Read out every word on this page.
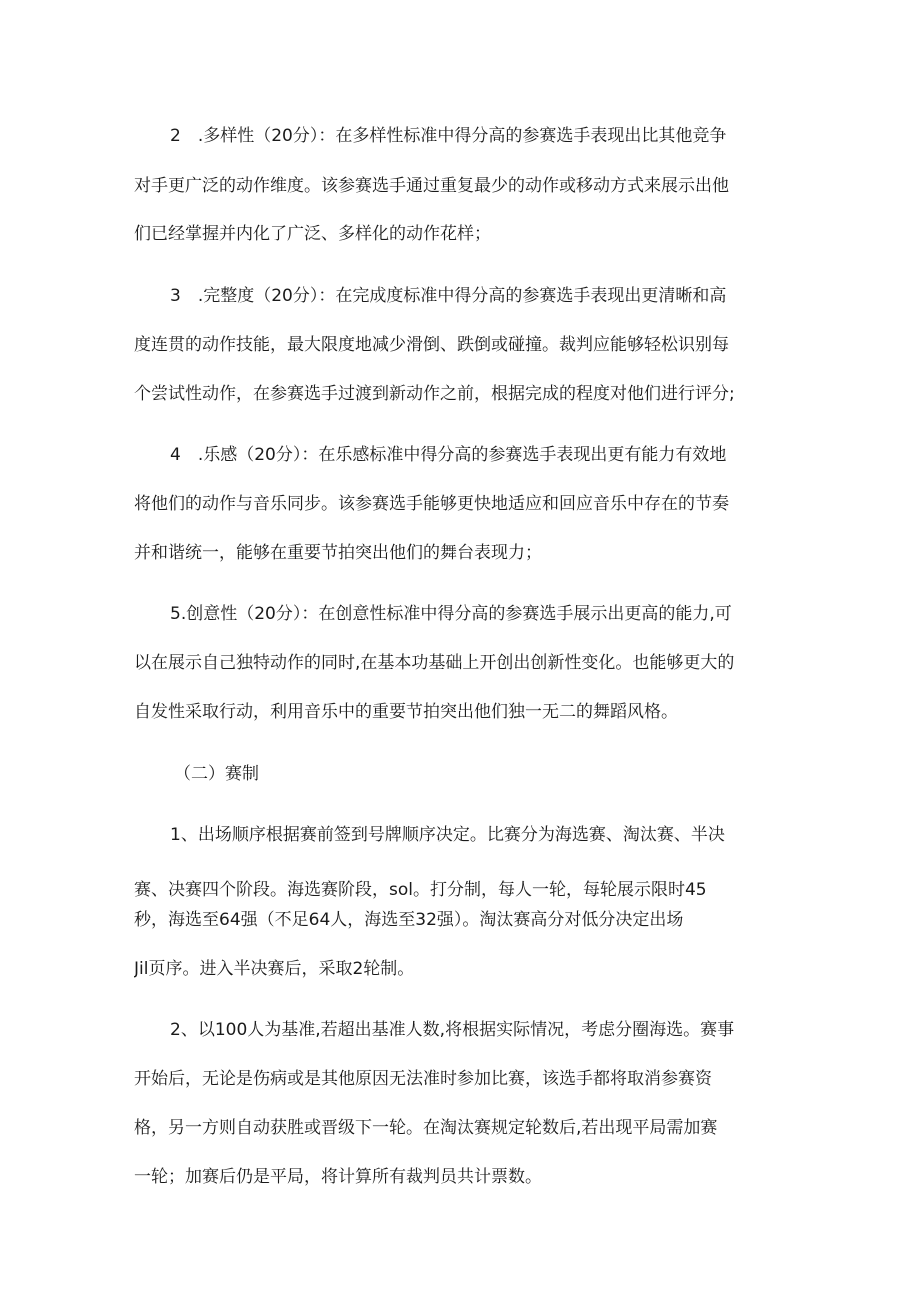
2　.多样性（20分）：在多样性标准中得分高的参赛选手表现出比其他竞争
对手更广泛的动作维度。该参赛选手通过重复最少的动作或移动方式来展示出他
们已经掌握并内化了广泛、多样化的动作花样；
3　.完整度（20分）：在完成度标准中得分高的参赛选手表现出更清晰和高
度连贯的动作技能，最大限度地减少滑倒、跌倒或碰撞。裁判应能够轻松识别每
个尝试性动作，在参赛选手过渡到新动作之前，根据完成的程度对他们进行评分;
4　.乐感（20分）：在乐感标准中得分高的参赛选手表现出更有能力有效地
将他们的动作与音乐同步。该参赛选手能够更快地适应和回应音乐中存在的节奏
并和谐统一，能够在重要节拍突出他们的舞台表现力；
5.创意性（20分）：在创意性标准中得分高的参赛选手展示出更高的能力,可
以在展示自己独特动作的同时,在基本功基础上开创出创新性变化。也能够更大的
自发性采取行动，利用音乐中的重要节拍突出他们独一无二的舞蹈风格。
（二）赛制
1、出场顺序根据赛前签到号牌顺序决定。比赛分为海选赛、淘汰赛、半决
赛、决赛四个阶段。海选赛阶段，sol。打分制，每人一轮，每轮展示限时45
秒，海选至64强（不足64人，海选至32强）。淘汰赛高分对低分决定出场
Jil页序。进入半决赛后，采取2轮制。
2、以100人为基准,若超出基准人数,将根据实际情况，考虑分圈海选。赛事
开始后，无论是伤病或是其他原因无法准时参加比赛，该选手都将取消参赛资
格，另一方则自动获胜或晋级下一轮。在淘汰赛规定轮数后,若出现平局需加赛
一轮；加赛后仍是平局，将计算所有裁判员共计票数。
